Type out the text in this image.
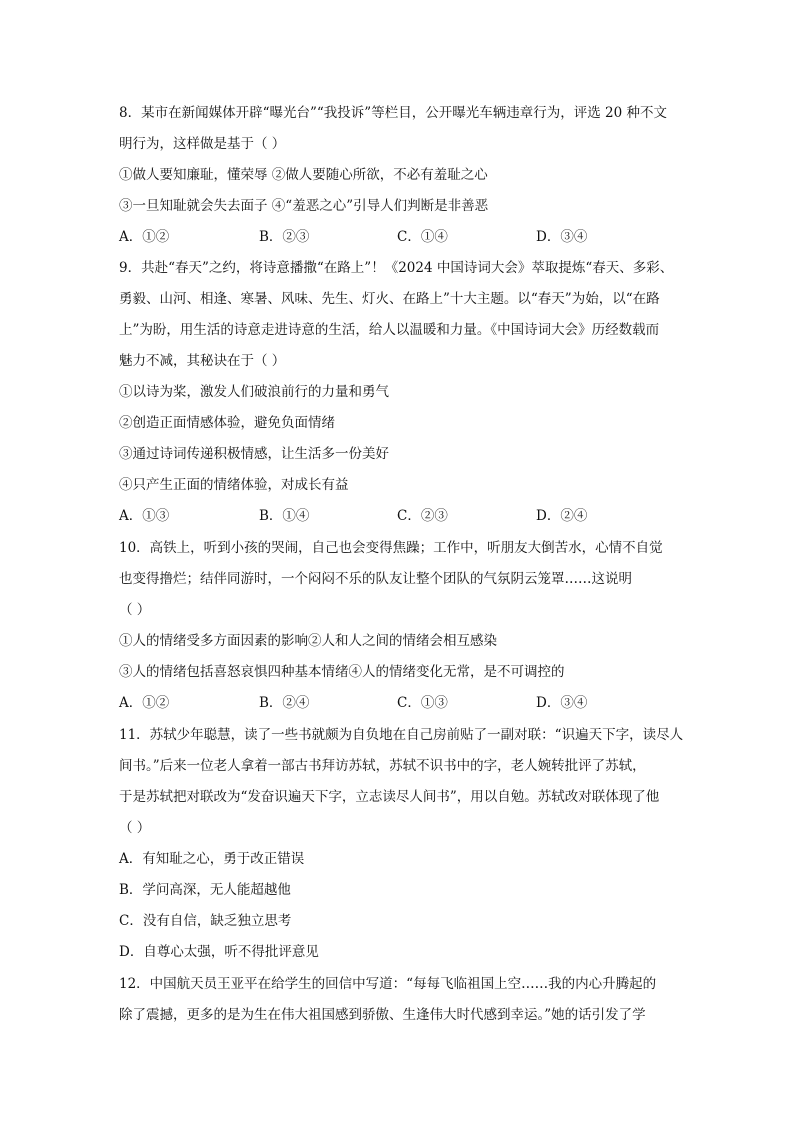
8．某市在新闻媒体开辟“曝光台”“我投诉”等栏目，公开曝光车辆违章行为，评选 20 种不文
明行为，这样做是基于（ ）
①做人要知廉耻，懂荣辱 ②做人要随心所欲，不必有羞耻之心
③一旦知耻就会失去面子 ④“羞恶之心”引导人们判断是非善恶
A．①②	B．②③	C．①④	D．③④
9．共赴“春天”之约，将诗意播撒“在路上”！《2024 中国诗词大会》萃取提炼“春天、多彩、
勇毅、山河、相逢、寒暑、风味、先生、灯火、在路上”十大主题。以“春天”为始，以“在路
上”为盼，用生活的诗意走进诗意的生活，给人以温暖和力量。《中国诗词大会》历经数载而
魅力不减，其秘诀在于（ ）
①以诗为桨，激发人们破浪前行的力量和勇气
②创造正面情感体验，避免负面情绪
③通过诗词传递积极情感，让生活多一份美好
④只产生正面的情绪体验，对成长有益
A．①③	B．①④	C．②③	D．②④
10．高铁上，听到小孩的哭闹，自己也会变得焦躁；工作中，听朋友大倒苦水，心情不自觉
也变得撸烂；结伴同游时，一个闷闷不乐的队友让整个团队的气氛阴云笼罩……这说明
（ ）
①人的情绪受多方面因素的影响②人和人之间的情绪会相互感染
③人的情绪包括喜怒哀惧四种基本情绪④人的情绪变化无常，是不可调控的
A．①②	B．②④	C．①③	D．③④
11．苏轼少年聪慧，读了一些书就颇为自负地在自己房前贴了一副对联：“识遍天下字，读尽人
间书。”后来一位老人拿着一部古书拜访苏轼，苏轼不识书中的字，老人婉转批评了苏轼，
于是苏轼把对联改为“发奋识遍天下字，立志读尽人间书”，用以自勉。苏轼改对联体现了他
（ ）
A．有知耻之心，勇于改正错误
B．学问高深，无人能超越他
C．没有自信，缺乏独立思考
D．自尊心太强，听不得批评意见
12．中国航天员王亚平在给学生的回信中写道：“每每飞临祖国上空……我的内心升腾起的
除了震撼，更多的是为生在伟大祖国感到骄傲、生逢伟大时代感到幸运。”她的话引发了学
